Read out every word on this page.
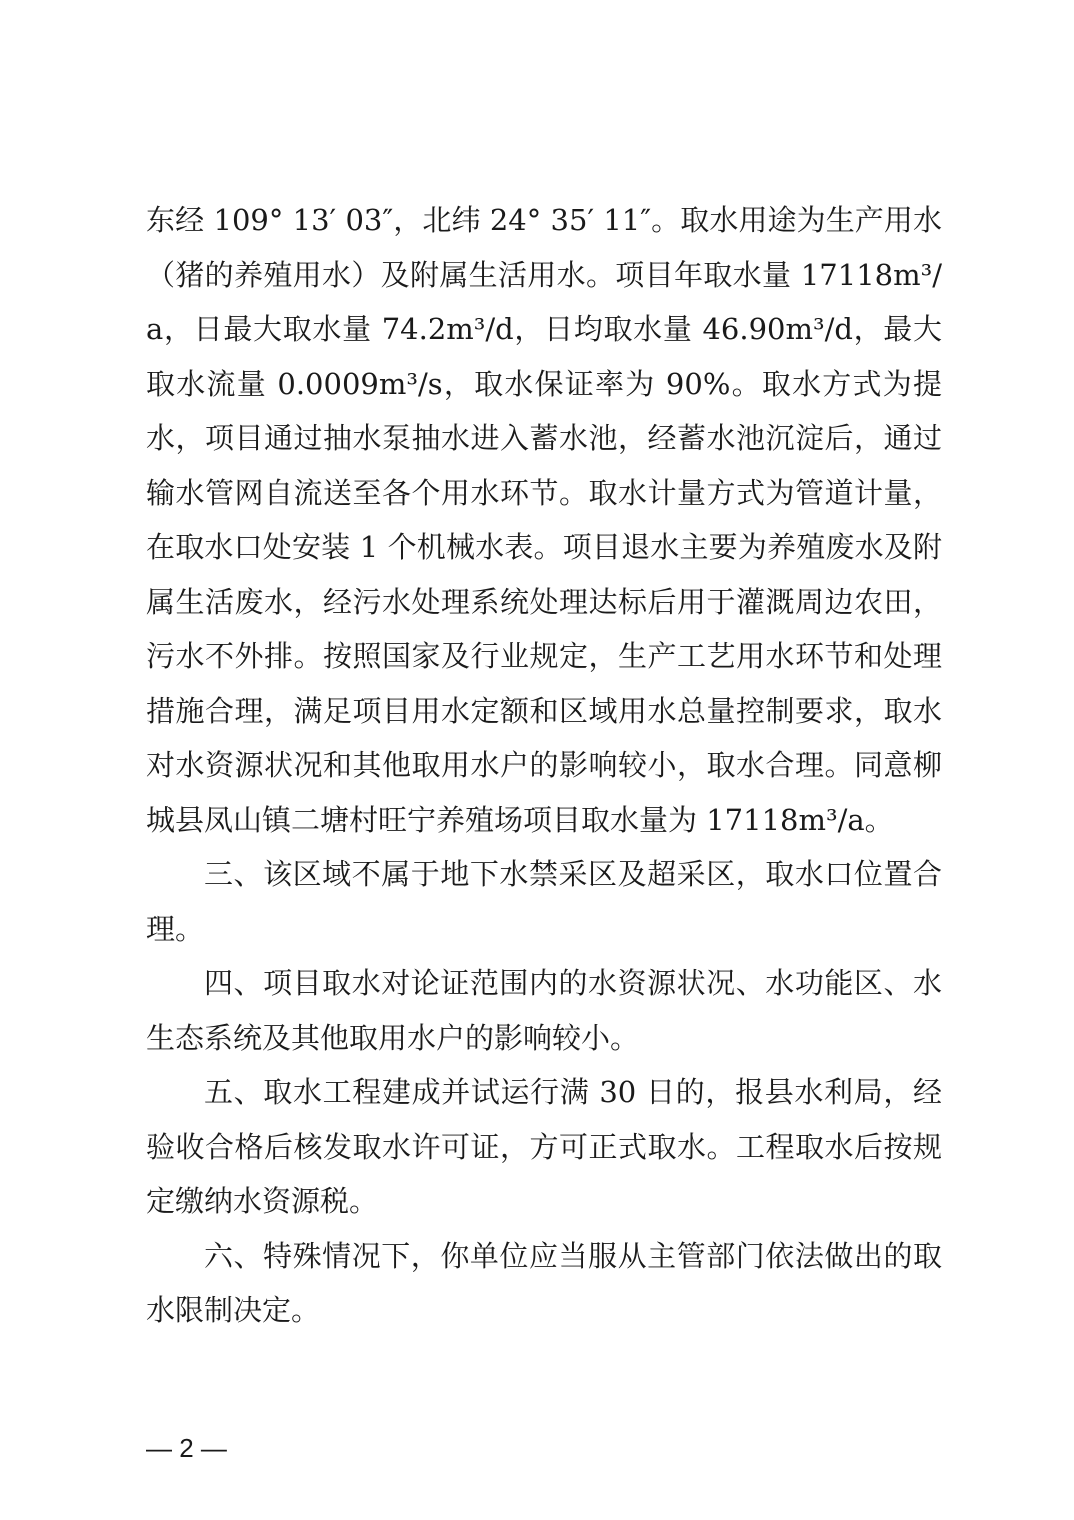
东经 109° 13′ 03″，北纬 24° 35′ 11″。取水用途为生产用水（猪的养殖用水）及附属生活用水。项目年取水量 17118m³/a，日最大取水量 74.2m³/d，日均取水量 46.90m³/d，最大取水流量 0.0009m³/s，取水保证率为 90%。取水方式为提水，项目通过抽水泵抽水进入蓄水池，经蓄水池沉淀后，通过输水管网自流送至各个用水环节。取水计量方式为管道计量，在取水口处安装 1 个机械水表。项目退水主要为养殖废水及附属生活废水，经污水处理系统处理达标后用于灌溉周边农田，污水不外排。按照国家及行业规定，生产工艺用水环节和处理措施合理，满足项目用水定额和区域用水总量控制要求，取水对水资源状况和其他取用水户的影响较小，取水合理。同意柳城县凤山镇二塘村旺宁养殖场项目取水量为 17118m³/a。

三、该区域不属于地下水禁采区及超采区，取水口位置合理。

四、项目取水对论证范围内的水资源状况、水功能区、水生态系统及其他取用水户的影响较小。

五、取水工程建成并试运行满 30 日的，报县水利局，经验收合格后核发取水许可证，方可正式取水。工程取水后按规定缴纳水资源税。

六、特殊情况下，你单位应当服从主管部门依法做出的取水限制决定。

— 2 —
